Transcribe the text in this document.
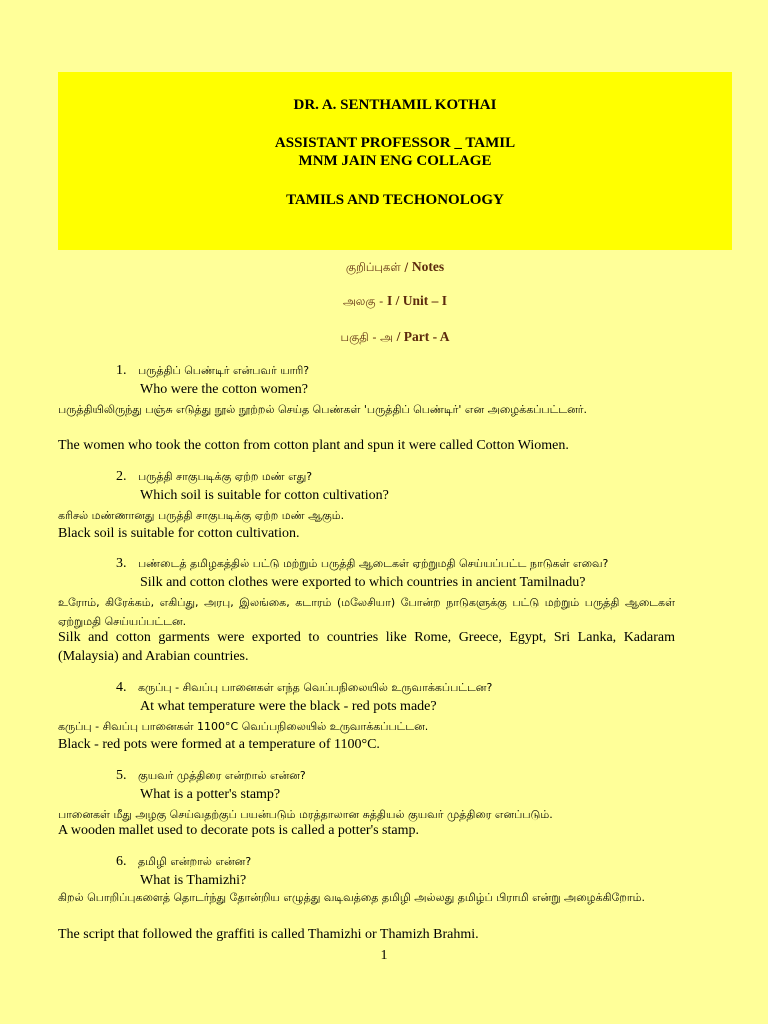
DR. A. SENTHAMIL KOTHAI
ASSISTANT PROFESSOR _ TAMIL
MNM JAIN ENG COLLAGE
TAMILS AND TECHONOLOGY
குறிப்புகள் / Notes
அலகு - I / Unit – I
பகுதி - அ / Part - A
1. பருத்திப் பெண்டிர் என்பவர் யாரி?
Who were the cotton women?
பருத்தியிலிருந்து பஞ்சு எடுத்து நூல் நூற்றல் செய்த பெண்கள் 'பருத்திப் பெண்டிர்' என அழைக்கப்பட்டனர்.
The women who took the cotton from cotton plant and spun it were called Cotton Wiomen.
2. பருத்தி சாகுபடிக்கு ஏற்ற மண் எது?
Which soil is suitable for cotton cultivation?
கரிசல் மண்ணானது பருத்தி சாகுபடிக்கு ஏற்ற மண் ஆகும்.
Black soil is suitable for cotton cultivation.
3. பண்டைத் தமிழகத்தில் பட்டு மற்றும் பருத்தி ஆடைகள் ஏற்றுமதி செய்யப்பட்ட நாடுகள் எவை?
Silk and cotton clothes were exported to which countries in ancient Tamilnadu?
உரோம், கிரேக்கம், எகிப்து, அரபு, இலங்கை, கடாரம் (மலேசியா) போன்ற நாடுகளுக்கு பட்டு மற்றும் பருத்தி ஆடைகள் ஏற்றுமதி செய்யப்பட்டன.
Silk and cotton garments were exported to countries like Rome, Greece, Egypt, Sri Lanka, Kadaram (Malaysia) and Arabian countries.
4. கருப்பு - சிவப்பு பானைகள் எந்த வெப்பநிலையில் உருவாக்கப்பட்டன?
At what temperature were the black - red pots made?
கருப்பு - சிவப்பு பானைகள் 1100°C வெப்பநிலையில் உருவாக்கப்பட்டன.
Black - red pots were formed at a temperature of 1100°C.
5. குயவர் முத்திரை என்றால் என்ன?
What is a potter's stamp?
பானைகள் மீது அழகு செய்வதற்குப் பயன்படும் மரத்தாலான சுத்தியல் குயவர் முத்திரை எனப்படும்.
A wooden mallet used to decorate pots is called a potter's stamp.
6. தமிழி என்றால் என்ன?
What is Thamizhi?
கிறல் பொறிப்புகளைத் தொடர்ந்து தோன்றிய எழுத்து வடிவத்தை தமிழி அல்லது தமிழ்ப் பிராமி என்று அழைக்கிறோம்.
The script that followed the graffiti is called Thamizhi or Thamizh Brahmi.
1
